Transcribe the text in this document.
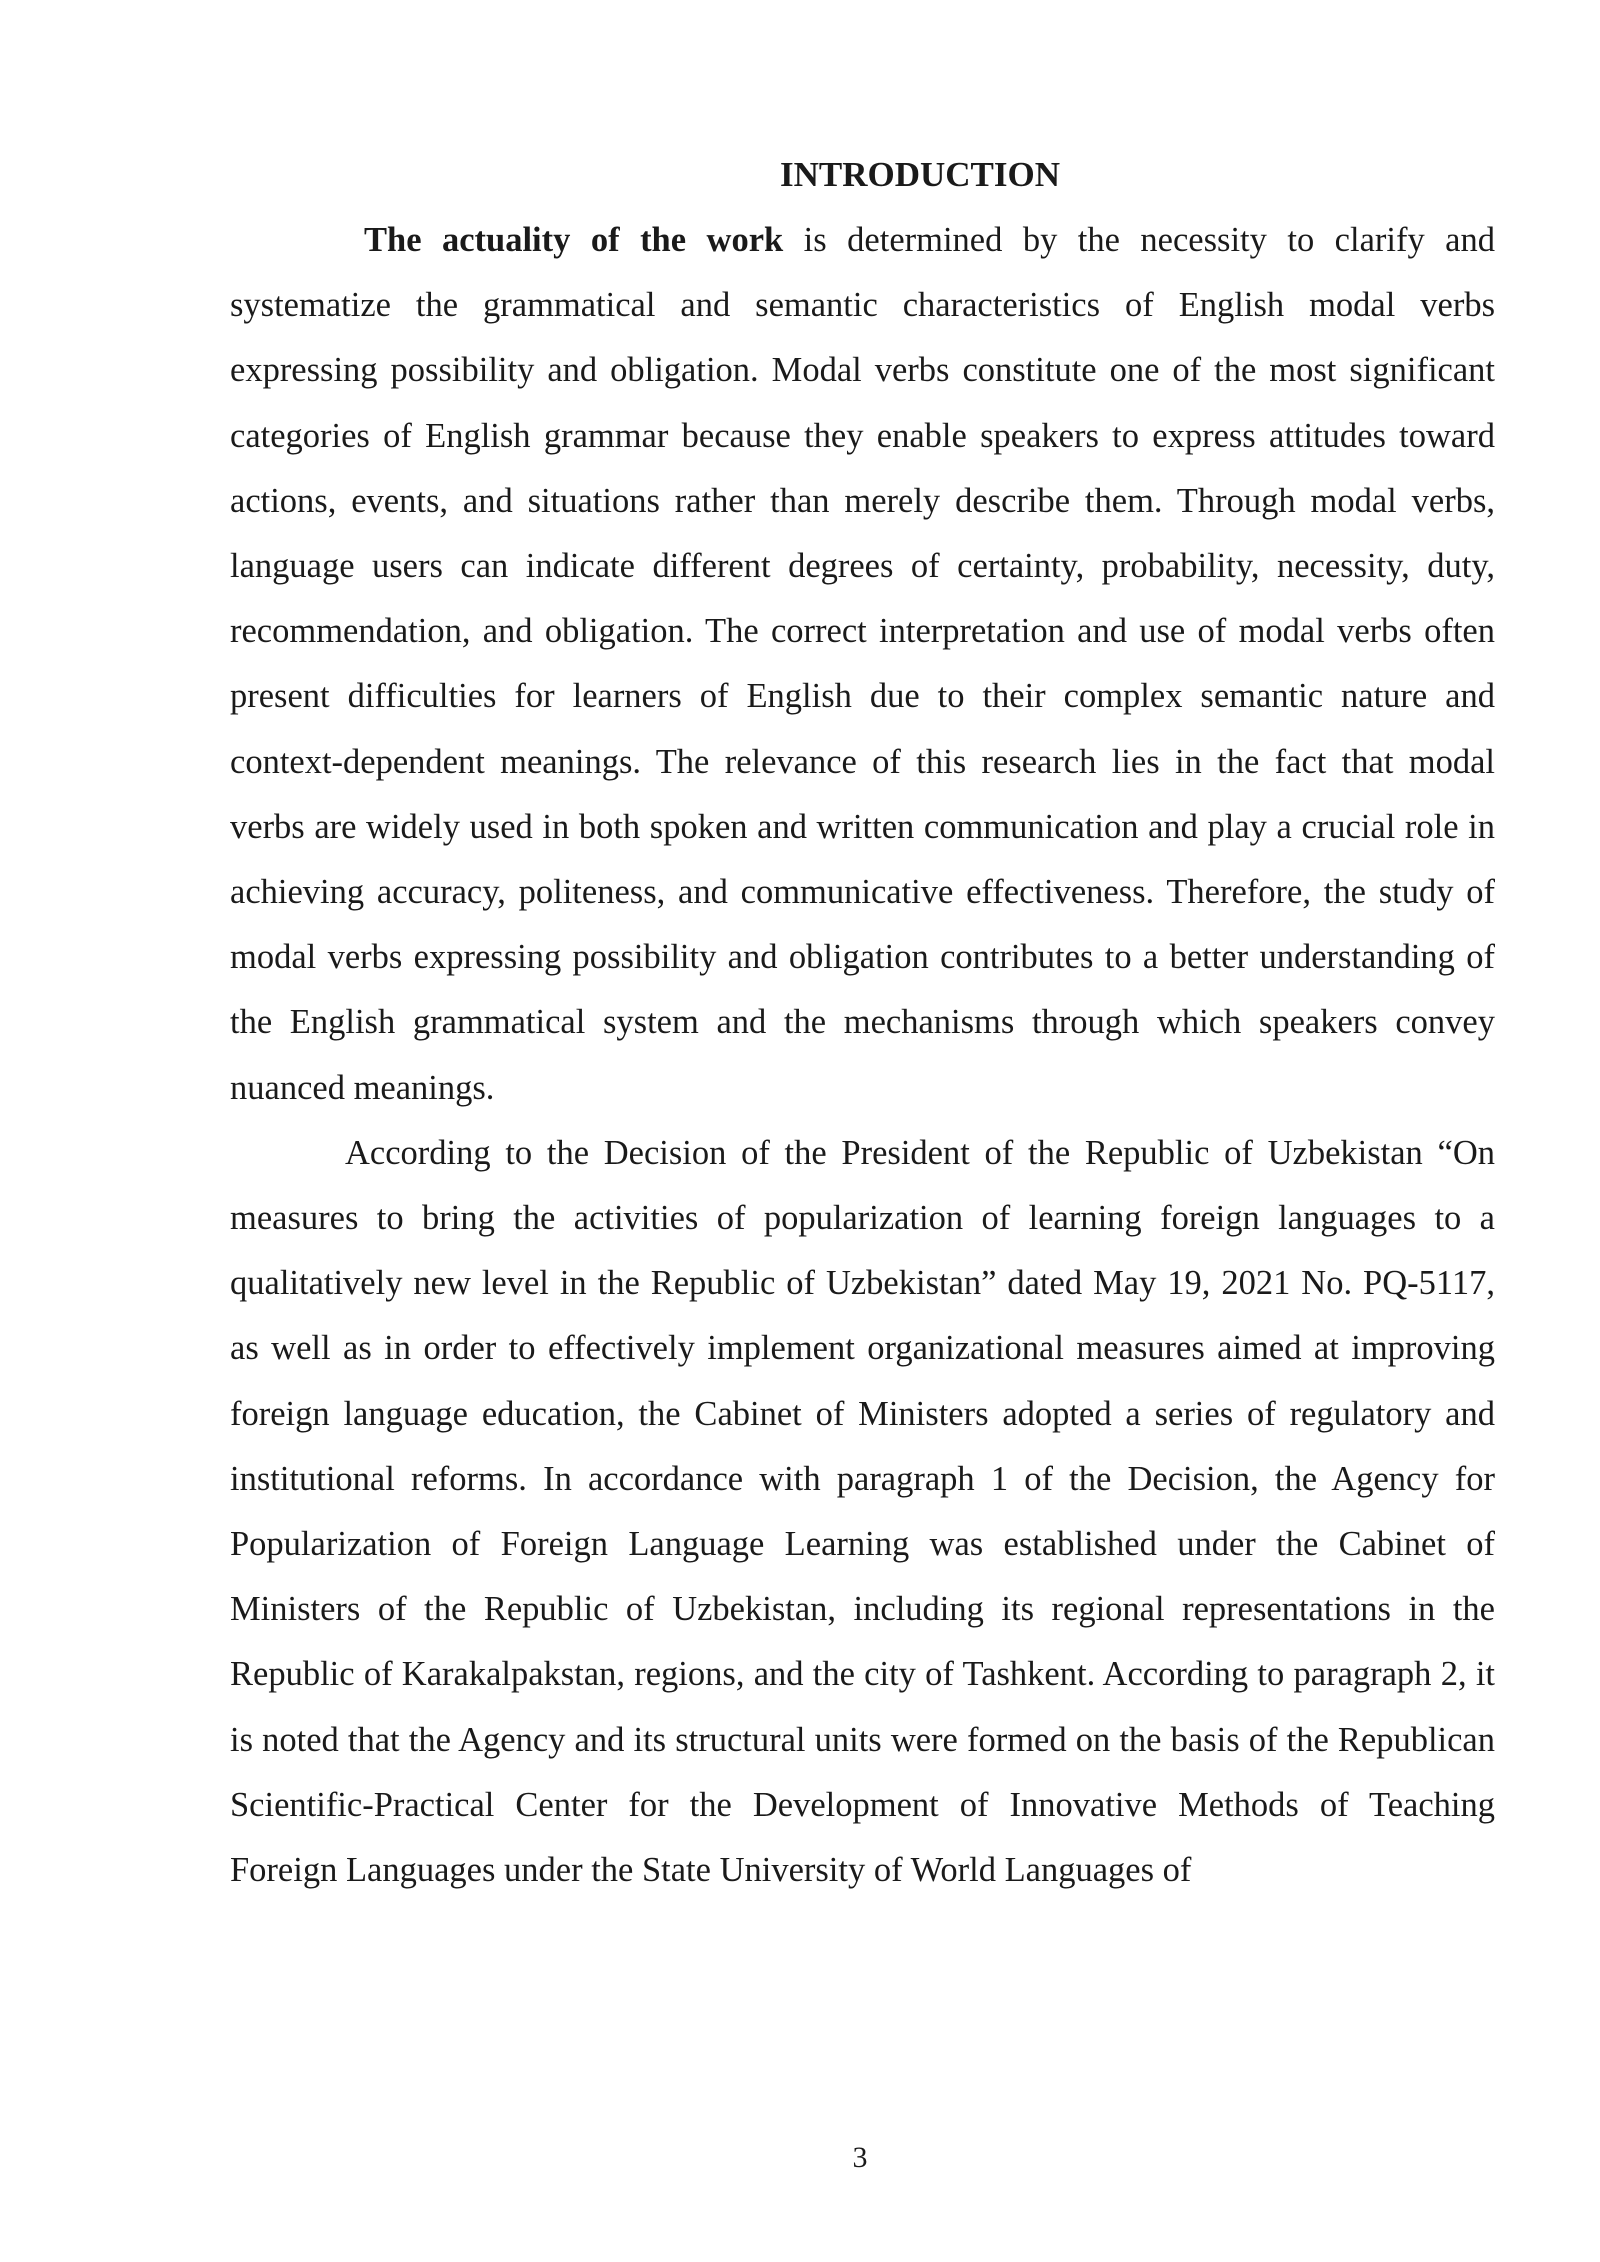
INTRODUCTION

The actuality of the work is determined by the necessity to clarify and systematize the grammatical and semantic characteristics of English modal verbs expressing possibility and obligation. Modal verbs constitute one of the most significant categories of English grammar because they enable speakers to express attitudes toward actions, events, and situations rather than merely describe them. Through modal verbs, language users can indicate different degrees of certainty, probability, necessity, duty, recommendation, and obligation. The correct interpretation and use of modal verbs often present difficulties for learners of English due to their complex semantic nature and context-dependent meanings. The relevance of this research lies in the fact that modal verbs are widely used in both spoken and written communication and play a crucial role in achieving accuracy, politeness, and communicative effectiveness. Therefore, the study of modal verbs expressing possibility and obligation contributes to a better understanding of the English grammatical system and the mechanisms through which speakers convey nuanced meanings.

According to the Decision of the President of the Republic of Uzbekistan “On measures to bring the activities of popularization of learning foreign languages to a qualitatively new level in the Republic of Uzbekistan” dated May 19, 2021 No. PQ-5117, as well as in order to effectively implement organizational measures aimed at improving foreign language education, the Cabinet of Ministers adopted a series of regulatory and institutional reforms. In accordance with paragraph 1 of the Decision, the Agency for Popularization of Foreign Language Learning was established under the Cabinet of Ministers of the Republic of Uzbekistan, including its regional representations in the Republic of Karakalpakstan, regions, and the city of Tashkent. According to paragraph 2, it is noted that the Agency and its structural units were formed on the basis of the Republican Scientific-Practical Center for the Development of Innovative Methods of Teaching Foreign Languages under the State University of World Languages of

3
